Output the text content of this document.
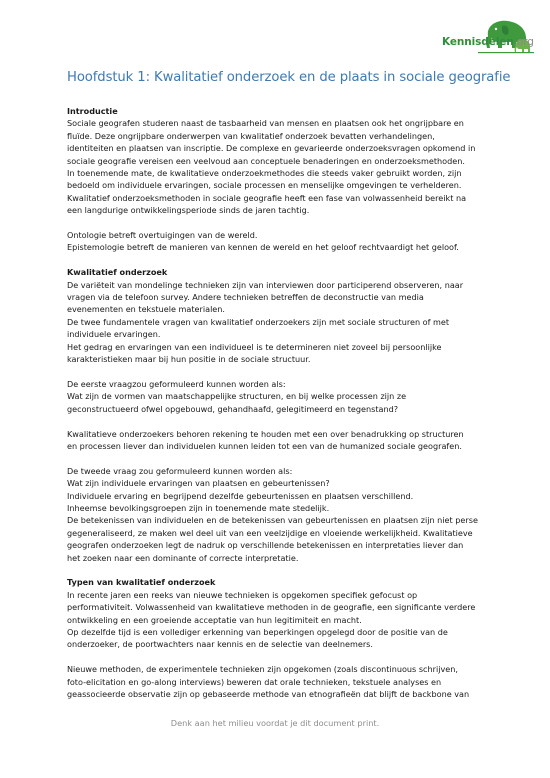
Kennisdelen.org
Hoofdstuk 1: Kwalitatief onderzoek en de plaats in sociale geografie
Introductie
Sociale geografen studeren naast de tasbaarheid van mensen en plaatsen ook het ongrijpbare en
fluïde. Deze ongrijpbare onderwerpen van kwalitatief onderzoek bevatten verhandelingen,
identiteiten en plaatsen van inscriptie. De complexe en gevarieerde onderzoeksvragen opkomend in
sociale geografie vereisen een veelvoud aan conceptuele benaderingen en onderzoeksmethoden.
In toenemende mate, de kwalitatieve onderzoekmethodes die steeds vaker gebruikt worden, zijn
bedoeld om individuele ervaringen, sociale processen en menselijke omgevingen te verhelderen.
Kwalitatief onderzoeksmethoden in sociale geografie heeft een fase van volwassenheid bereikt na
een langdurige ontwikkelingsperiode sinds de jaren tachtig.
Ontologie betreft overtuigingen van de wereld.
Epistemologie betreft de manieren van kennen de wereld en het geloof rechtvaardigt het geloof.
Kwalitatief onderzoek
De variëteit van mondelinge technieken zijn van interviewen door participerend observeren, naar
vragen via de telefoon survey. Andere technieken betreffen de deconstructie van media
evenementen en tekstuele materialen.
De twee fundamentele vragen van kwalitatief onderzoekers zijn met sociale structuren of met
individuele ervaringen.
Het gedrag en ervaringen van een individueel is te determineren niet zoveel bij persoonlijke
karakteristieken maar bij hun positie in de sociale structuur.
De eerste vraagzou geformuleerd kunnen worden als:
Wat zijn de vormen van maatschappelijke structuren, en bij welke processen zijn ze
geconstructueerd ofwel opgebouwd, gehandhaafd, gelegitimeerd en tegenstand?
Kwalitatieve onderzoekers behoren rekening te houden met een over benadrukking op structuren
en processen liever dan individuelen kunnen leiden tot een van de humanized sociale geografen.
De tweede vraag zou geformuleerd kunnen worden als:
Wat zijn individuele ervaringen van plaatsen en gebeurtenissen?
Individuele ervaring en begrijpend dezelfde gebeurtenissen en plaatsen verschillend.
Inheemse bevolkingsgroepen zijn in toenemende mate stedelijk.
De betekenissen van individuelen en de betekenissen van gebeurtenissen en plaatsen zijn niet perse
gegeneraliseerd, ze maken wel deel uit van een veelzijdige en vloeiende werkelijkheid. Kwalitatieve
geografen onderzoeken legt de nadruk op verschillende betekenissen en interpretaties liever dan
het zoeken naar een dominante of correcte interpretatie.
Typen van kwalitatief onderzoek
In recente jaren een reeks van nieuwe technieken is opgekomen specifiek gefocust op
performativiteit. Volwassenheid van kwalitatieve methoden in de geografie, een significante verdere
ontwikkeling en een groeiende acceptatie van hun legitimiteit en macht.
Op dezelfde tijd is een vollediger erkenning van beperkingen opgelegd door de positie van de
onderzoeker, de poortwachters naar kennis en de selectie van deelnemers.
Nieuwe methoden, de experimentele technieken zijn opgekomen (zoals discontinuous schrijven,
foto-elicitation en go-along interviews) beweren dat orale technieken, tekstuele analyses en
geassocieerde observatie zijn op gebaseerde methode van etnografieën dat blijft de backbone van
Denk aan het milieu voordat je dit document print.
